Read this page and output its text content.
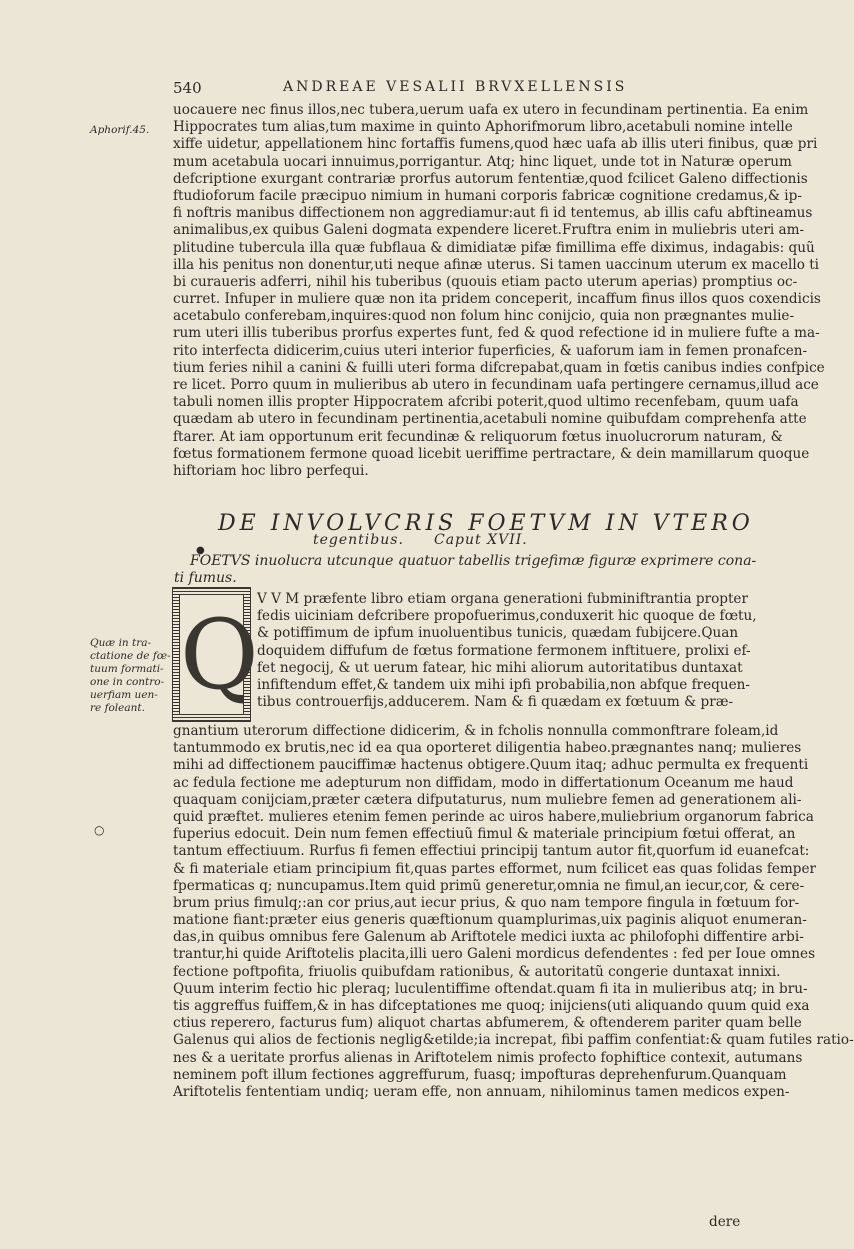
540	ANDREAE VESALII BRVXELLENSIS
Aphorif.45.
uocauere nec finus illos,nec tubera,uerum uafa ex utero in fecundinam pertinentia. Ea enim
Hippocrates tum alias,tum maxime in quinto Aphorifmorum libro,acetabuli nomine intelle
xiffe uidetur, appellationem hinc fortaffis fumens,quod hæc uafa ab illis uteri finibus, quæ pri
mum acetabula uocari innuimus,porrigantur. Atq; hinc liquet, unde tot in Naturæ operum
defcriptione exurgant contrariæ prorfus autorum fententiæ,quod fcilicet Galeno diffectionis
ftudioforum facile præcipuo nimium in humani corporis fabricæ cognitione credamus,& ip-
fi noftris manibus diffectionem non aggrediamur:aut fi id tentemus, ab illis cafu abftineamus
animalibus,ex quibus Galeni dogmata expendere liceret.Fruftra enim in muliebris uteri am-
plitudine tubercula illa quæ fubflaua & dimidiatæ pifæ fimillima effe diximus, indagabis: quũ
illa his penitus non donentur,uti neque afinæ uterus. Si tamen uaccinum uterum ex macello ti
bi curaueris adferri, nihil his tuberibus (quouis etiam pacto uterum aperias) promptius oc-
curret. Infuper in muliere quæ non ita pridem conceperit, incaffum finus illos quos coxendicis
acetabulo conferebam,inquires:quod non folum hinc conijcio, quia non prægnantes mulie-
rum uteri illis tuberibus prorfus expertes funt, fed & quod refectione id in muliere fufte a ma-
rito interfecta didicerim,cuius uteri interior fuperficies, & uaforum iam in femen pronafcen-
tium feries nihil a canini & fuilli uteri forma difcrepabat,quam in fœtis canibus indies confpice
re licet. Porro quum in mulieribus ab utero in fecundinam uafa pertingere cernamus,illud ace
tabuli nomen illis propter Hippocratem afcribi poterit,quod ultimo recenfebam, quum uafa
quædam ab utero in fecundinam pertinentia,acetabuli nomine quibufdam comprehenfa atte
ftarer. At iam opportunum erit fecundinæ & reliquorum fœtus inuolucrorum naturam, &
fœtus formationem fermone quoad licebit ueriffime pertractare, & dein mamillarum quoque
hiftoriam hoc libro perfequi.
DE INVOLVCRIS FOETVM IN VTERO
tegentibus. Caput XVII.
●
FOETVS inuolucra utcunque quatuor tabellis trigefimæ figuræ exprimere cona-
ti fumus.
Quæ in tra-
ctatione de fœ-
tuum formati-
one in contro-
uerfiam uen-
re foleant. Q
V V M præfente libro etiam organa generationi fubminiftrantia propter
fedis uiciniam defcribere propofuerimus,conduxerit hic quoque de fœtu,
& potiffimum de ipfum inuoluentibus tunicis, quædam fubijcere.Quan
doquidem diffufum de fœtus formatione fermonem inftituere, prolixi ef-
fet negocij, & ut uerum fatear, hic mihi aliorum autoritatibus duntaxat
infiftendum effet,& tandem uix mihi ipfi probabilia,non abfque frequen-
tibus controuerfijs,adducerem. Nam & fi quædam ex fœtuum & præ-
gnantium uterorum diffectione didicerim, & in fcholis nonnulla commonftrare foleam,id
tantummodo ex brutis,nec id ea qua oporteret diligentia habeo.prægnantes nanq; mulieres
mihi ad diffectionem pauciffimæ hactenus obtigere.Quum itaq; adhuc permulta ex frequenti
ac fedula fectione me adepturum non diffidam, modo in differtationum Oceanum me haud
quaquam conijciam,præter cætera difputaturus, num muliebre femen ad generationem ali-
quid præftet. mulieres etenim femen perinde ac uiros habere,muliebrium organorum fabrica
fuperius edocuit. Dein num femen effectiuũ fimul & materiale principium fœtui offerat, an
tantum effectiuum. Rurfus fi femen effectiui principij tantum autor fit,quorfum id euanefcat:
& fi materiale etiam principium fit,quas partes efformet, num fcilicet eas quas folidas femper
fpermaticas q; nuncupamus.Item quid primũ generetur,omnia ne fimul,an iecur,cor, & cere-
brum prius fimulq;:an cor prius,aut iecur prius, & quo nam tempore fingula in fœtuum for-
matione fiant:præter eius generis quæftionum quamplurimas,uix paginis aliquot enumeran-
das,in quibus omnibus fere Galenum ab Ariftotele medici iuxta ac philofophi diffentire arbi-
trantur,hi quide Ariftotelis placita,illi uero Galeni mordicus defendentes : fed per Ioue omnes
fectione poftpofita, friuolis quibufdam rationibus, & autoritatũ congerie duntaxat innixi.
Quum interim fectio hic pleraq; luculentiffime oftendat.quam fi ita in mulieribus atq; in bru-
tis aggreffus fuiffem,& in has difceptationes me quoq; inijciens(uti aliquando quum quid exa
ctius reperero, facturus fum) aliquot chartas abfumerem, & oftenderem pariter quam belle
Galenus qui alios de fectionis neglig&etilde;ia increpat, fibi paffim confentiat:& quam futiles ratio-
nes & a ueritate prorfus alienas in Ariftotelem nimis profecto fophiftice contexit, autumans
neminem poft illum fectiones aggreffurum, fuasq; impofturas deprehenfurum.Quanquam
Ariftotelis fententiam undiq; ueram effe, non annuam, nihilominus tamen medicos expen-
○
dere
